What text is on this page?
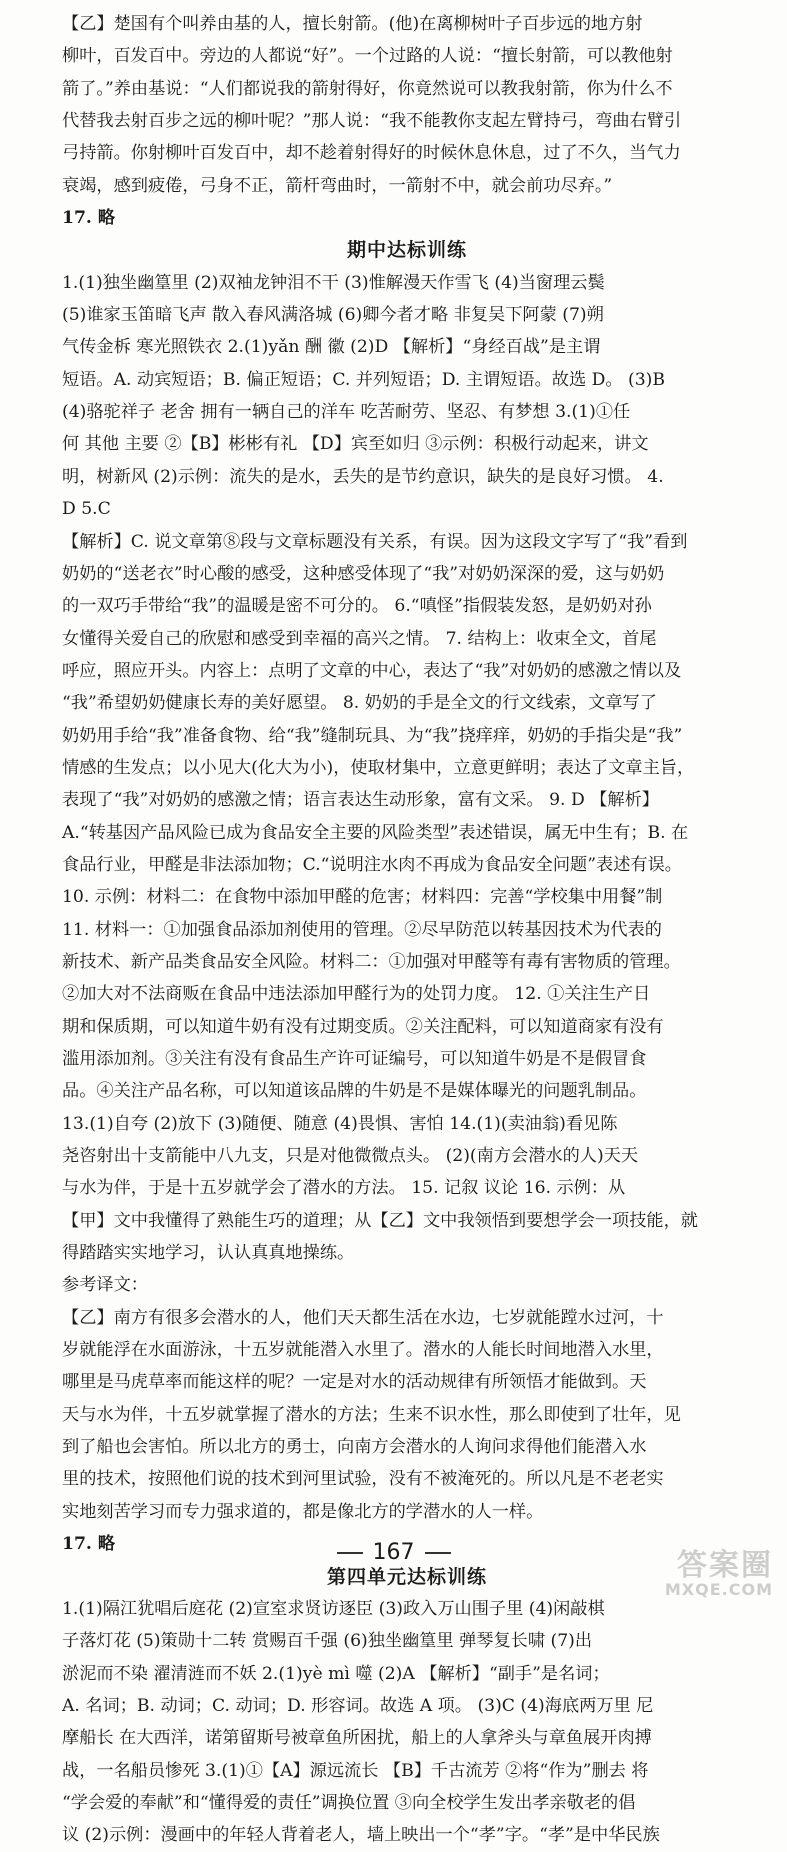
【乙】楚国有个叫养由基的人，擅长射箭。(他)在离柳树叶子百步远的地方射

柳叶，百发百中。旁边的人都说“好”。一个过路的人说：“擅长射箭，可以教他射

箭了。”养由基说：“人们都说我的箭射得好，你竟然说可以教我射箭，你为什么不

代替我去射百步之远的柳叶呢？”那人说：“我不能教你支起左臂持弓，弯曲右臂引

弓持箭。你射柳叶百发百中，却不趁着射得好的时候休息休息，过了不久，当气力

衰竭，感到疲倦，弓身不正，箭杆弯曲时，一箭射不中，就会前功尽弃。”

17. 略

期中达标训练

1.(1)独坐幽篁里 (2)双袖龙钟泪不干 (3)惟解漫天作雪飞 (4)当窗理云鬓

(5)谁家玉笛暗飞声 散入春风满洛城 (6)卿今者才略 非复吴下阿蒙 (7)朔

气传金柝 寒光照铁衣 2.(1)yǎn 酬 徽 (2)D 【解析】“身经百战”是主谓

短语。A. 动宾短语；B. 偏正短语；C. 并列短语；D. 主谓短语。故选 D。 (3)B

(4)骆驼祥子 老舍 拥有一辆自己的洋车 吃苦耐劳、坚忍、有梦想 3.(1)①任

何 其他 主要 ②【B】彬彬有礼 【D】宾至如归 ③示例：积极行动起来，讲文

明，树新风 (2)示例：流失的是水，丢失的是节约意识，缺失的是良好习惯。 4.

D 5.C

【解析】C. 说文章第⑧段与文章标题没有关系，有误。因为这段文字写了“我”看到

奶奶的“送老衣”时心酸的感受，这种感受体现了“我”对奶奶深深的爱，这与奶奶

的一双巧手带给“我”的温暖是密不可分的。 6.“嗔怪”指假装发怒，是奶奶对孙

女懂得关爱自己的欣慰和感受到幸福的高兴之情。 7. 结构上：收束全文，首尾

呼应，照应开头。内容上：点明了文章的中心，表达了“我”对奶奶的感激之情以及

“我”希望奶奶健康长寿的美好愿望。 8. 奶奶的手是全文的行文线索，文章写了

奶奶用手给“我”准备食物、给“我”缝制玩具、为“我”挠痒痒，奶奶的手指尖是“我”

情感的生发点；以小见大(化大为小)，使取材集中，立意更鲜明；表达了文章主旨，

表现了“我”对奶奶的感激之情；语言表达生动形象，富有文采。 9. D 【解析】

A.“转基因产品风险已成为食品安全主要的风险类型”表述错误，属无中生有；B. 在

食品行业，甲醛是非法添加物；C.“说明注水肉不再成为食品安全问题”表述有误。

10. 示例：材料二：在食物中添加甲醛的危害；材料四：完善“学校集中用餐”制

11. 材料一：①加强食品添加剂使用的管理。②尽早防范以转基因技术为代表的

新技术、新产品类食品安全风险。材料二：①加强对甲醛等有毒有害物质的管理。

②加大对不法商贩在食品中违法添加甲醛行为的处罚力度。 12. ①关注生产日

期和保质期，可以知道牛奶有没有过期变质。②关注配料，可以知道商家有没有

滥用添加剂。③关注有没有食品生产许可证编号，可以知道牛奶是不是假冒食

品。④关注产品名称，可以知道该品牌的牛奶是不是媒体曝光的问题乳制品。

13.(1)自夸 (2)放下 (3)随便、随意 (4)畏惧、害怕 14.(1)(卖油翁)看见陈

尧咨射出十支箭能中八九支，只是对他微微点头。 (2)(南方会潜水的人)天天

与水为伴，于是十五岁就学会了潜水的方法。 15. 记叙 议论 16. 示例：从

【甲】文中我懂得了熟能生巧的道理；从【乙】文中我领悟到要想学会一项技能，就

得踏踏实实地学习，认认真真地操练。

参考译文：

【乙】南方有很多会潜水的人，他们天天都生活在水边，七岁就能蹚水过河，十

岁就能浮在水面游泳，十五岁就能潜入水里了。潜水的人能长时间地潜入水里，

哪里是马虎草率而能这样的呢？一定是对水的活动规律有所领悟才能做到。天

天与水为伴，十五岁就掌握了潜水的方法；生来不识水性，那么即使到了壮年，见

到了船也会害怕。所以北方的勇士，向南方会潜水的人询问求得他们能潜入水

里的技术，按照他们说的技术到河里试验，没有不被淹死的。所以凡是不老老实

实地刻苦学习而专力强求道的，都是像北方的学潜水的人一样。

17. 略

第四单元达标训练

1.(1)隔江犹唱后庭花 (2)宣室求贤访逐臣 (3)政入万山围子里 (4)闲敲棋

子落灯花 (5)策勋十二转 赏赐百千强 (6)独坐幽篁里 弹琴复长啸 (7)出

淤泥而不染 濯清涟而不妖 2.(1)yè mì 噬 (2)A 【解析】“副手”是名词；

A. 名词；B. 动词；C. 动词；D. 形容词。故选 A 项。 (3)C (4)海底两万里 尼

摩船长 在大西洋，诺第留斯号被章鱼所困扰，船上的人拿斧头与章鱼展开肉搏

战，一名船员惨死 3.(1)①【A】源远流长 【B】千古流芳 ②将“作为”删去 将

“学会爱的奉献”和“懂得爱的责任”调换位置 ③向全校学生发出孝亲敬老的倡

议 (2)示例：漫画中的年轻人背着老人，墙上映出一个“孝”字。“孝”是中华民族

167	答案圈
MXQE.COM
